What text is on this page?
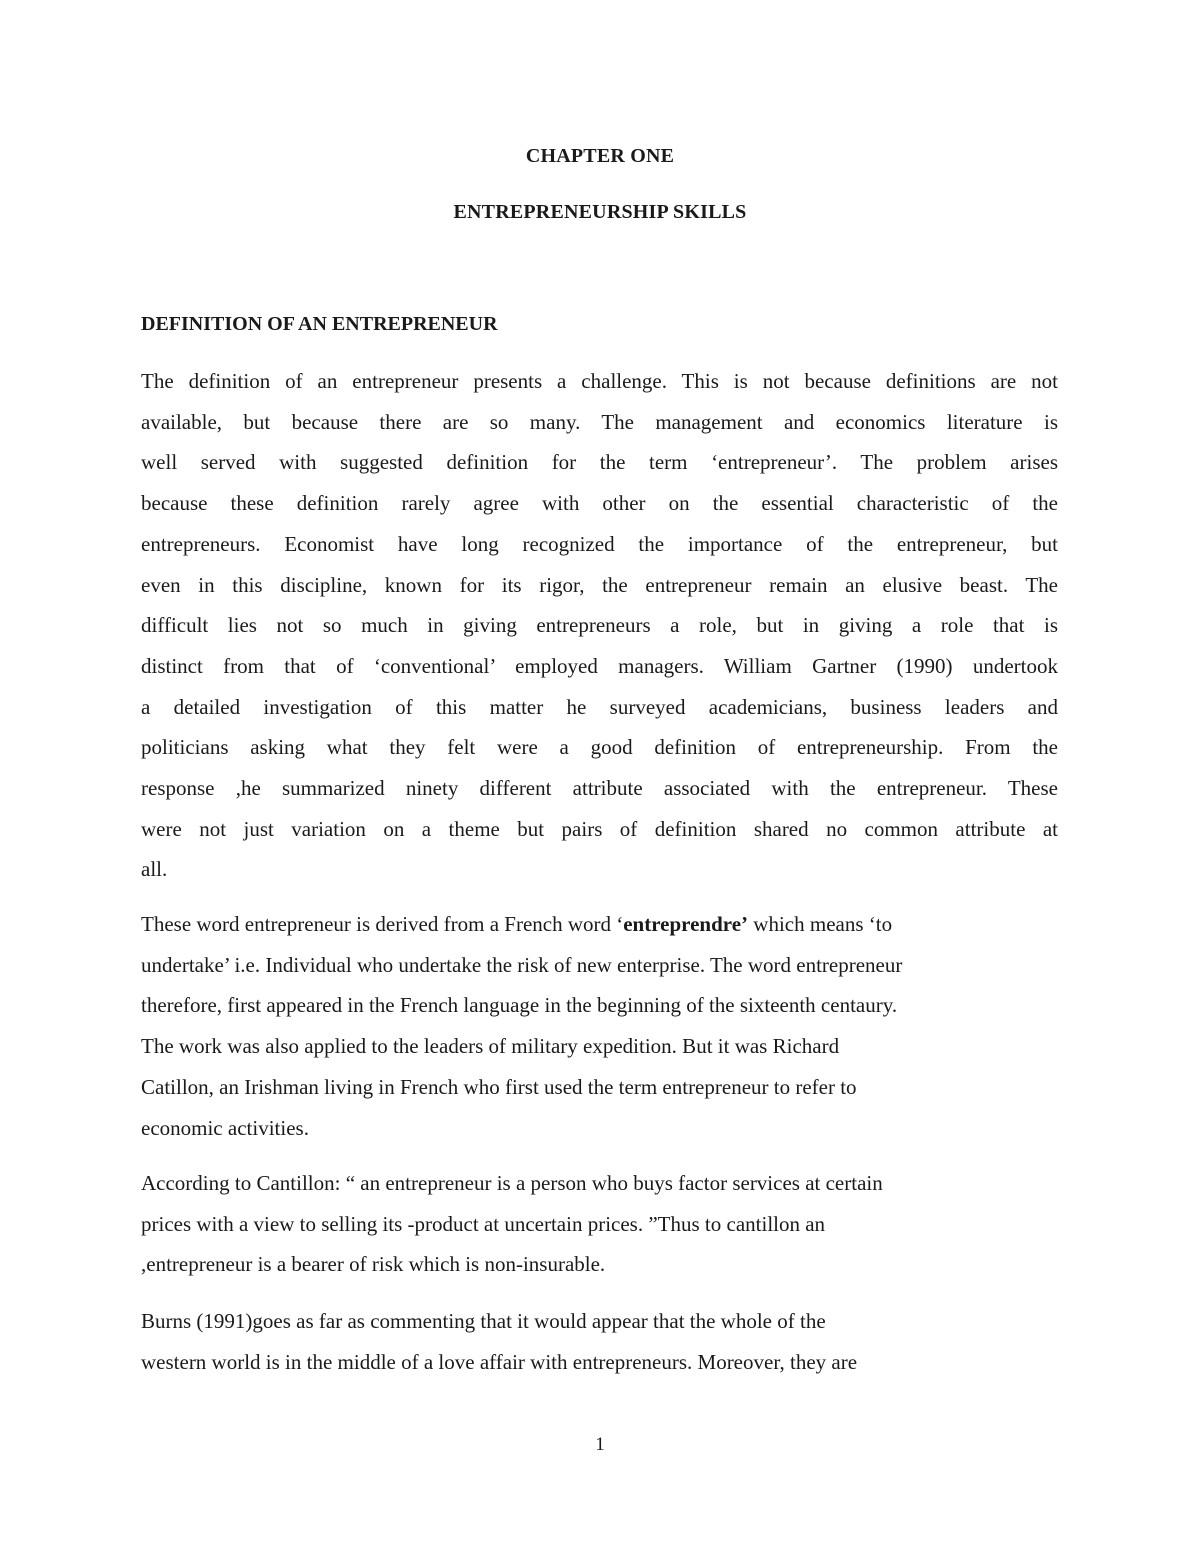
CHAPTER ONE
ENTREPRENEURSHIP SKILLS
DEFINITION OF AN ENTREPRENEUR
The definition of an entrepreneur presents a challenge. This is not because definitions are not
available, but because there are so many. The management and economics literature is
well served with suggested definition for the term ‘entrepreneur’. The problem arises
because these definition rarely agree with other on the essential characteristic of the
entrepreneurs. Economist have long recognized the importance of the entrepreneur, but
even in this discipline, known for its rigor, the entrepreneur remain an elusive beast. The
difficult lies not so much in giving entrepreneurs a role, but in giving a role that is
distinct from that of ‘conventional’ employed managers. William Gartner (1990) undertook
a detailed investigation of this matter he surveyed academicians, business leaders and
politicians asking what they felt were a good definition of entrepreneurship. From the
response ,he summarized ninety different attribute associated with the entrepreneur. These
were not just variation on a theme but pairs of definition shared no common attribute at
all.
These word entrepreneur is derived from a French word ‘entreprendre’ which means ‘to
undertake’ i.e. Individual who undertake the risk of new enterprise. The word entrepreneur
therefore, first appeared in the French language in the beginning of the sixteenth centaury.
The work was also applied to the leaders of military expedition. But it was Richard
Catillon, an Irishman living in French who first used the term entrepreneur to refer to
economic activities.
According to Cantillon: “ an entrepreneur is a person who buys factor services at certain
prices with a view to selling its -product at uncertain prices. ”Thus to cantillon an
,entrepreneur is a bearer of risk which is non-insurable.
Burns (1991)goes as far as commenting that it would appear that the whole of the
western world is in the middle of a love affair with entrepreneurs. Moreover, they are
1
